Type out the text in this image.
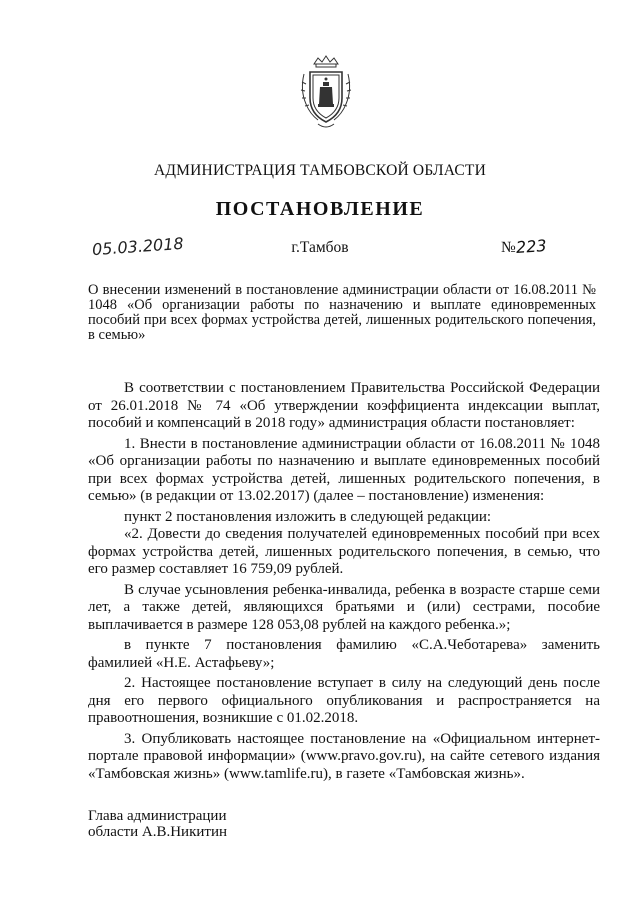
АДМИНИСТРАЦИЯ ТАМБОВСКОЙ ОБЛАСТИ
ПОСТАНОВЛЕНИЕ
05.03.2018	г.Тамбов	№223
О внесении изменений в постановление администрации области от 16.08.2011 № 1048 «Об организации работы по назначению и выплате единовременных пособий при всех формах устройства детей, лишенных родительского попечения, в семью»

В соответствии с постановлением Правительства Российской Федерации от 26.01.2018 № 74 «Об утверждении коэффициента индексации выплат, пособий и компенсаций в 2018 году» администрация области постановляет:

1. Внести в постановление администрации области от 16.08.2011 № 1048 «Об организации работы по назначению и выплате единовременных пособий при всех формах устройства детей, лишенных родительского попечения, в семью» (в редакции от 13.02.2017) (далее – постановление) изменения:

пункт 2 постановления изложить в следующей редакции:

«2. Довести до сведения получателей единовременных пособий при всех формах устройства детей, лишенных родительского попечения, в семью, что его размер составляет 16 759,09 рублей.

В случае усыновления ребенка-инвалида, ребенка в возрасте старше семи лет, а также детей, являющихся братьями и (или) сестрами, пособие выплачивается в размере 128 053,08 рублей на каждого ребенка.»;

в пункте 7 постановления фамилию «С.А.Чеботарева» заменить фамилией «Н.Е. Астафьеву»;

2. Настоящее постановление вступает в силу на следующий день после дня его первого официального опубликования и распространяется на правоотношения, возникшие с 01.02.2018.

3. Опубликовать настоящее постановление на «Официальном интернет-портале правовой информации» (www.pravo.gov.ru), на сайте сетевого издания «Тамбовская жизнь» (www.tamlife.ru), в газете «Тамбовская жизнь».

Глава администрации
области А.В.Никитин
